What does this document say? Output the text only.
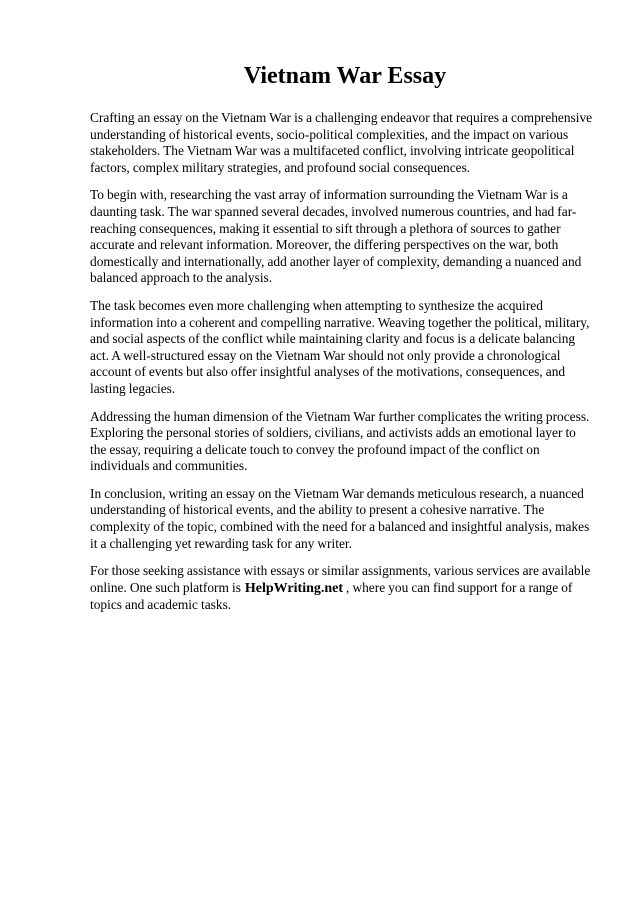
Vietnam War Essay

Crafting an essay on the Vietnam War is a challenging endeavor that requires a comprehensive understanding of historical events, socio-political complexities, and the impact on various stakeholders. The Vietnam War was a multifaceted conflict, involving intricate geopolitical factors, complex military strategies, and profound social consequences.

To begin with, researching the vast array of information surrounding the Vietnam War is a daunting task. The war spanned several decades, involved numerous countries, and had far-reaching consequences, making it essential to sift through a plethora of sources to gather accurate and relevant information. Moreover, the differing perspectives on the war, both domestically and internationally, add another layer of complexity, demanding a nuanced and balanced approach to the analysis.

The task becomes even more challenging when attempting to synthesize the acquired information into a coherent and compelling narrative. Weaving together the political, military, and social aspects of the conflict while maintaining clarity and focus is a delicate balancing act. A well-structured essay on the Vietnam War should not only provide a chronological account of events but also offer insightful analyses of the motivations, consequences, and lasting legacies.

Addressing the human dimension of the Vietnam War further complicates the writing process. Exploring the personal stories of soldiers, civilians, and activists adds an emotional layer to the essay, requiring a delicate touch to convey the profound impact of the conflict on individuals and communities.

In conclusion, writing an essay on the Vietnam War demands meticulous research, a nuanced understanding of historical events, and the ability to present a cohesive narrative. The complexity of the topic, combined with the need for a balanced and insightful analysis, makes it a challenging yet rewarding task for any writer.

For those seeking assistance with essays or similar assignments, various services are available online. One such platform is HelpWriting.net , where you can find support for a range of topics and academic tasks.
